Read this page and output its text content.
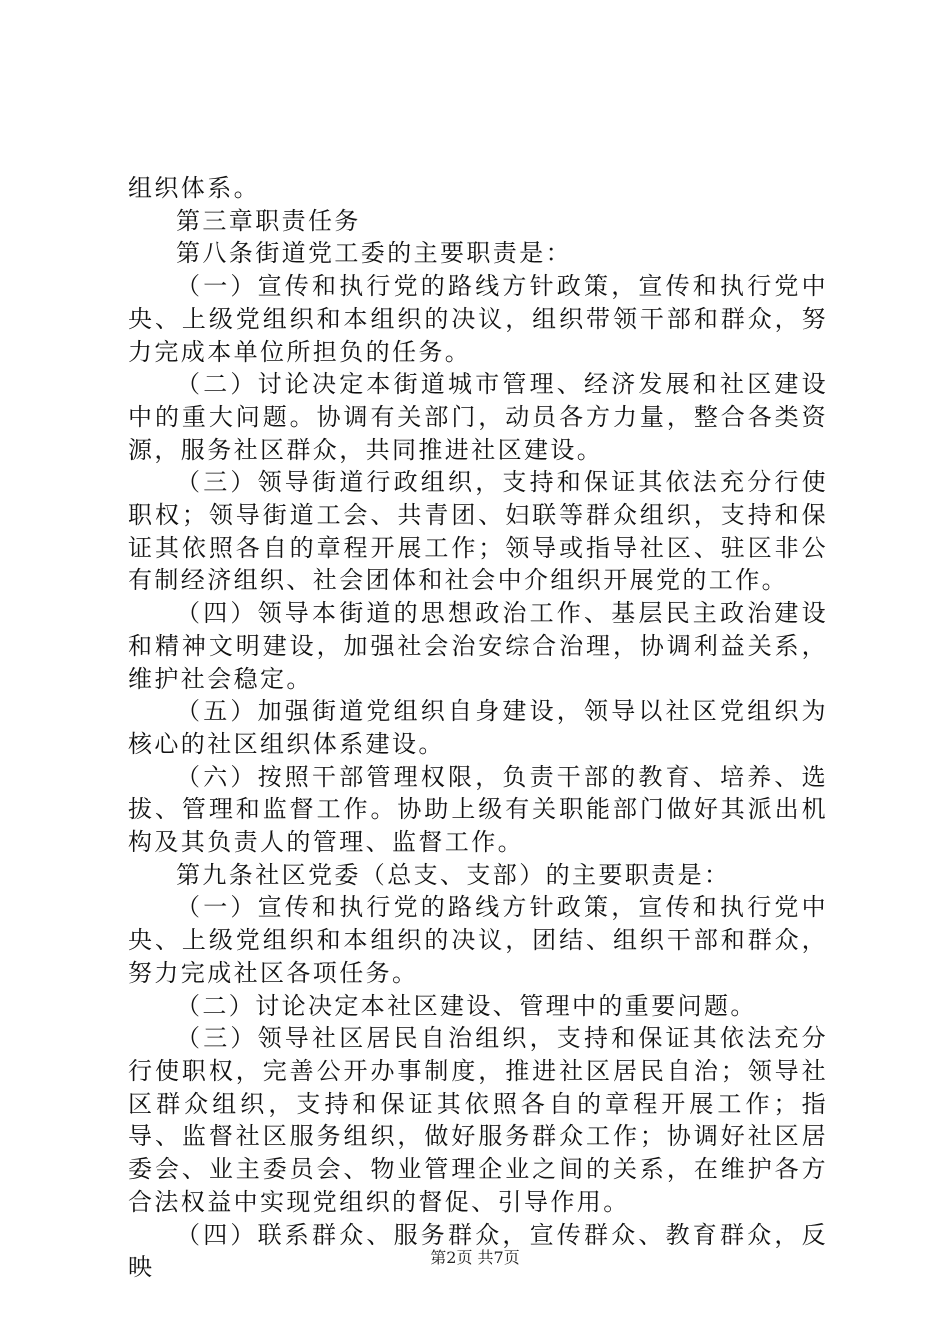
组织体系。

第三章职责任务

第八条街道党工委的主要职责是：

（一）宣传和执行党的路线方针政策，宣传和执行党中央、上级党组织和本组织的决议，组织带领干部和群众，努力完成本单位所担负的任务。

（二）讨论决定本街道城市管理、经济发展和社区建设中的重大问题。协调有关部门，动员各方力量，整合各类资源，服务社区群众，共同推进社区建设。

（三）领导街道行政组织，支持和保证其依法充分行使职权；领导街道工会、共青团、妇联等群众组织，支持和保证其依照各自的章程开展工作；领导或指导社区、驻区非公有制经济组织、社会团体和社会中介组织开展党的工作。

（四）领导本街道的思想政治工作、基层民主政治建设和精神文明建设，加强社会治安综合治理，协调利益关系，维护社会稳定。

（五）加强街道党组织自身建设，领导以社区党组织为核心的社区组织体系建设。

（六）按照干部管理权限，负责干部的教育、培养、选拔、管理和监督工作。协助上级有关职能部门做好其派出机构及其负责人的管理、监督工作。

第九条社区党委（总支、支部）的主要职责是：

（一）宣传和执行党的路线方针政策，宣传和执行党中央、上级党组织和本组织的决议，团结、组织干部和群众，努力完成社区各项任务。

（二）讨论决定本社区建设、管理中的重要问题。

（三）领导社区居民自治组织，支持和保证其依法充分行使职权，完善公开办事制度，推进社区居民自治；领导社区群众组织，支持和保证其依照各自的章程开展工作；指导、监督社区服务组织，做好服务群众工作；协调好社区居委会、业主委员会、物业管理企业之间的关系，在维护各方合法权益中实现党组织的督促、引导作用。

（四）联系群众、服务群众，宣传群众、教育群众，反映	第2页 共7页
